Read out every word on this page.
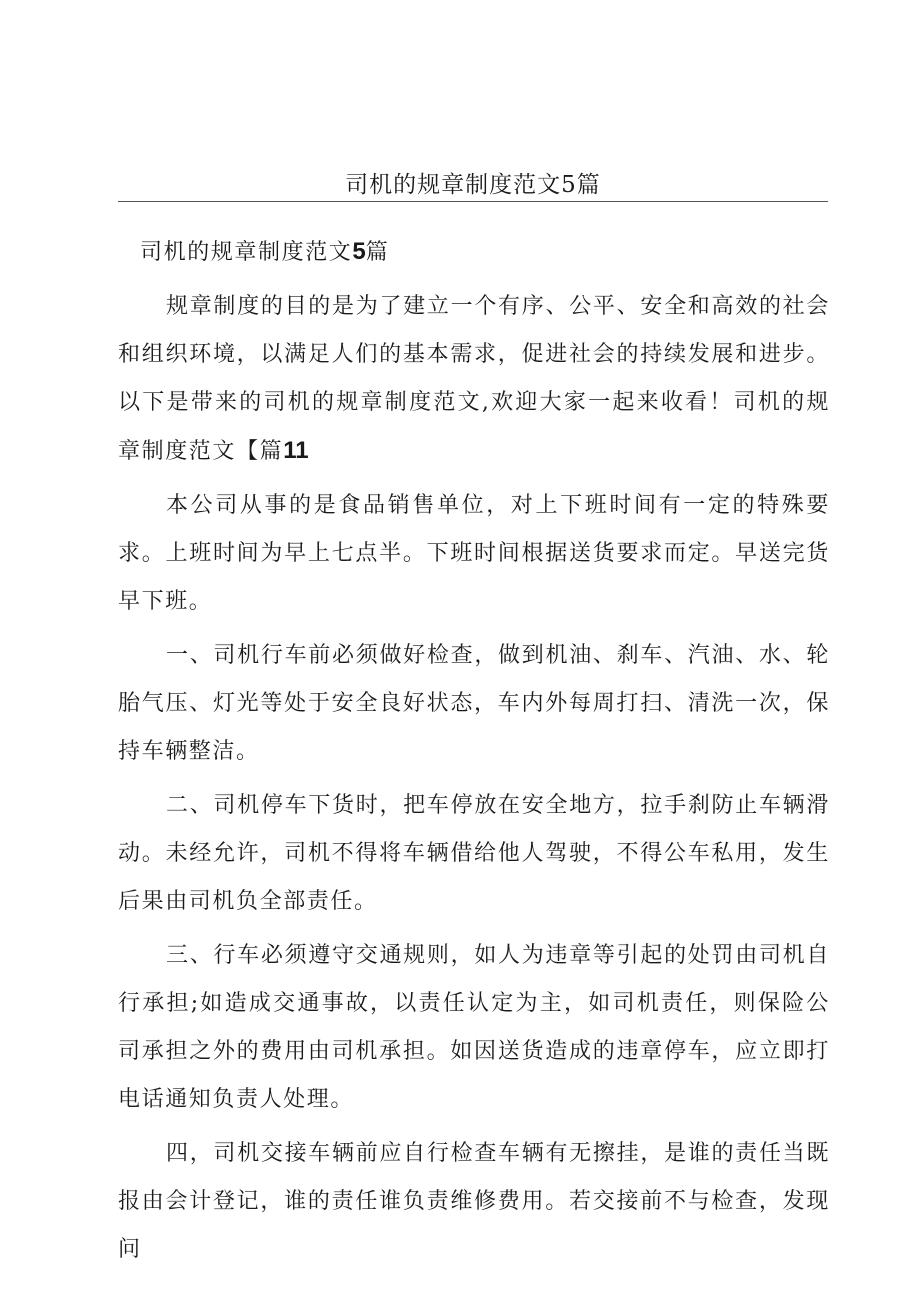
司机的规章制度范文5篇

司机的规章制度范文5篇

规章制度的目的是为了建立一个有序、公平、安全和高效的社会和组织环境，以满足人们的基本需求，促进社会的持续发展和进步。以下是带来的司机的规章制度范文,欢迎大家一起来收看！司机的规章制度范文【篇11

本公司从事的是食品销售单位，对上下班时间有一定的特殊要求。上班时间为早上七点半。下班时间根据送货要求而定。早送完货早下班。

一、司机行车前必须做好检查，做到机油、刹车、汽油、水、轮胎气压、灯光等处于安全良好状态，车内外每周打扫、清洗一次，保持车辆整洁。

二、司机停车下货时，把车停放在安全地方，拉手刹防止车辆滑动。未经允许，司机不得将车辆借给他人驾驶，不得公车私用，发生后果由司机负全部责任。

三、行车必须遵守交通规则，如人为违章等引起的处罚由司机自行承担;如造成交通事故，以责任认定为主，如司机责任，则保险公司承担之外的费用由司机承担。如因送货造成的违章停车，应立即打电话通知负责人处理。

四，司机交接车辆前应自行检查车辆有无擦挂，是谁的责任当既报由会计登记，谁的责任谁负责维修费用。若交接前不与检查，发现问
